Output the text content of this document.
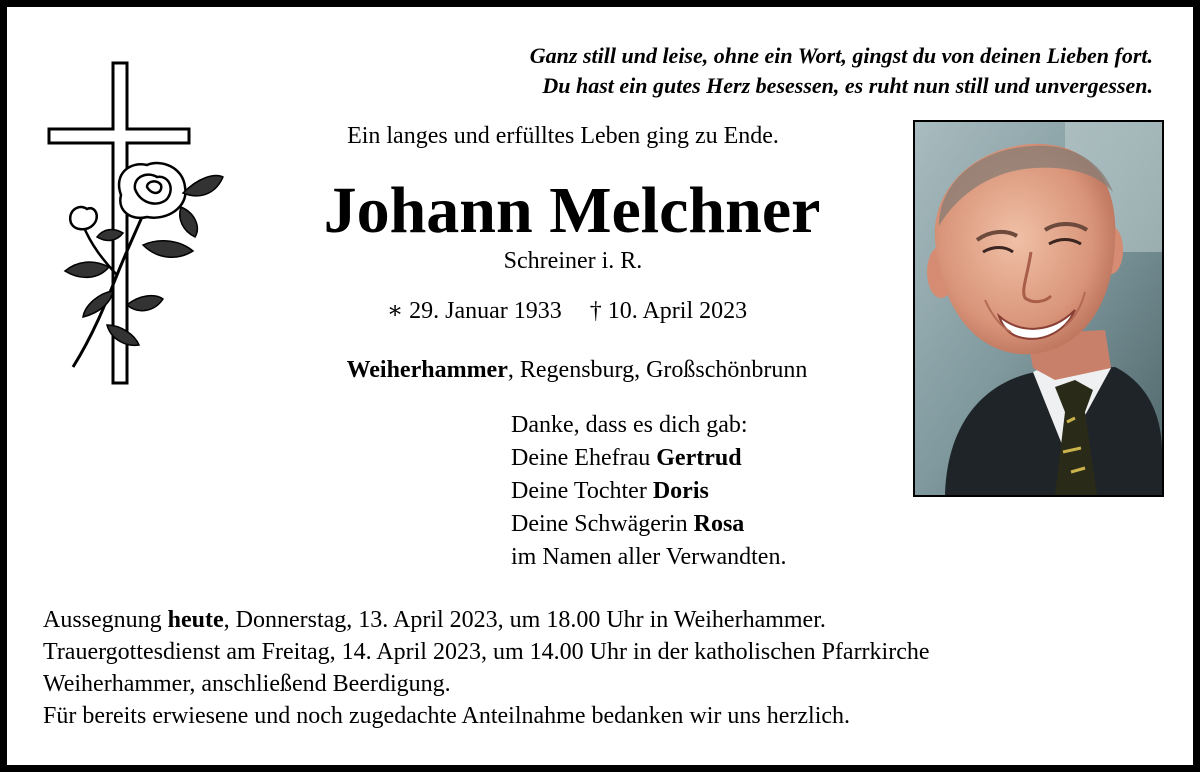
Ganz still und leise, ohne ein Wort, gingst du von deinen Lieben fort.
Du hast ein gutes Herz besessen, es ruht nun still und unvergessen.
Ein langes und erfülltes Leben ging zu Ende.
Johann Melchner
Schreiner i. R.
∗ 29. Januar 1933 † 10. April 2023
Weiherhammer, Regensburg, Großschönbrunn
Danke, dass es dich gab:
Deine Ehefrau Gertrud
Deine Tochter Doris
Deine Schwägerin Rosa
im Namen aller Verwandten.
Aussegnung heute, Donnerstag, 13. April 2023, um 18.00 Uhr in Weiherhammer.
Trauergottesdienst am Freitag, 14. April 2023, um 14.00 Uhr in der katholischen Pfarrkirche
Weiherhammer, anschließend Beerdigung.
Für bereits erwiesene und noch zugedachte Anteilnahme bedanken wir uns herzlich.
